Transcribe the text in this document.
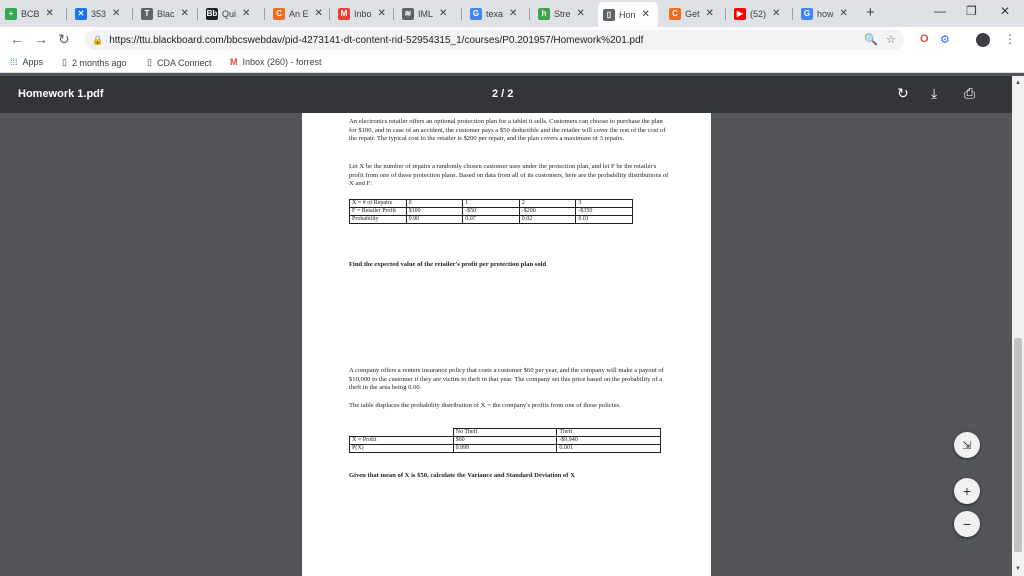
+ BCB ✕	✕ 353 ✕	T Blac ✕ Bb Qui ✕	C An E ✕	M Inbo ✕	≋ IML ✕	G texa ✕	h Stre ✕	▯ Hon ✕	C Get ✕	▶ (52) ✕	G how ✕ +	— ❐ ✕
← → ↻ 🔒 https://ttu.blackboard.com/bbcswebdav/pid-4273141-dt-content-rid-52954315_1/courses/P0.201957/Homework%201.pdf	🔍 ☆ O ⚙	⋮
⁞⁞⁞ Apps ▯ 2 months ago ▯ CDA Connect M Inbox (260) - forrest
Homework 1.pdf	2 / 2	↻ ⤓ ⎙

An electronics retailer offers an optional protection plan for a tablet it sells. Customers can choose to purchase the plan for $100, and in case of an accident, the customer pays a $50 deductible and the retailer will cover the rest of the cost of the repair. The typical cost to the retailer is $200 per repair, and the plan covers a maximum of 3 repairs.

Let X be the number of repairs a randomly chosen customer uses under the protection plan, and let F be the retailer's profit from one of these protection plans. Based on data from all of its customers, here are the probability distributions of X and F:

X = # of Repairs	0	1	2	3
F = Retailer Profit	$100	-$50	-$200	-$350
Probability	0.90	0.07	0.02	0.01

Find the expected value of the retailer's profit per protection plan sold

A company offers a renters insurance policy that costs a customer $60 per year, and the company will make a payout of $10,000 to the customer if they are victim to theft in that year. The company set this price based on the probability of a theft in the area being 0.00.

The table displaces the probability distribution of X = the company's profits from one of these policies.

	No Theft	Theft
X = Profit	$60	-$9,940
P(X)	0.999	0.001

Given that mean of X is $50, calculate the Variance and Standard Deviation of X

▲
▼
⇲
+
−
